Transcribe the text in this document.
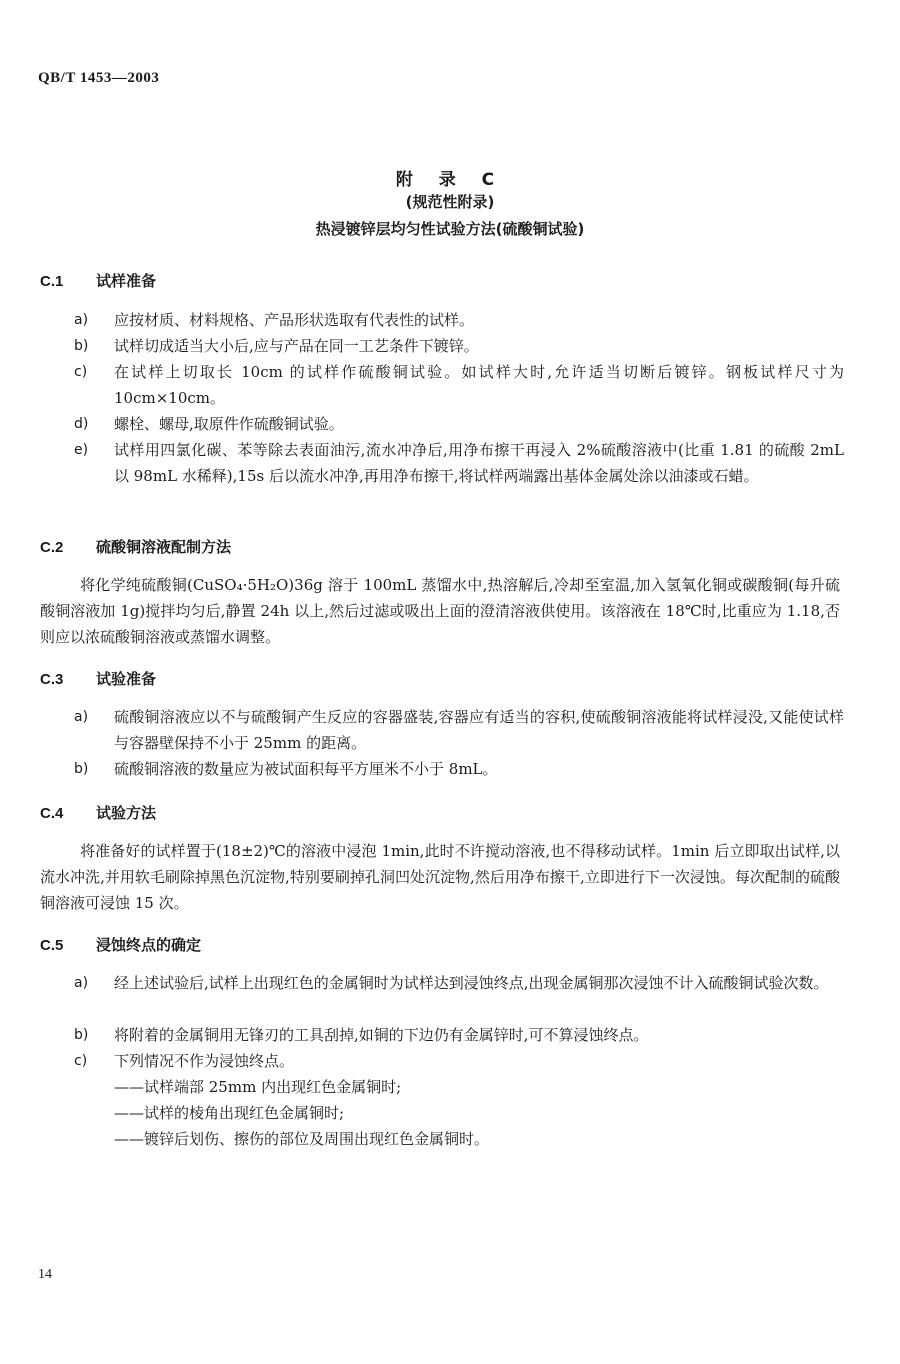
QB/T 1453—2003
附 录 C
(规范性附录)
热浸镀锌层均匀性试验方法(硫酸铜试验)
C.1 试样准备
a) 应按材质、材料规格、产品形状选取有代表性的试样。
b) 试样切成适当大小后,应与产品在同一工艺条件下镀锌。
c) 在试样上切取长 10cm 的试样作硫酸铜试验。如试样大时,允许适当切断后镀锌。钢板试样尺寸为 10cm×10cm。
d) 螺栓、螺母,取原件作硫酸铜试验。
e) 试样用四氯化碳、苯等除去表面油污,流水冲净后,用净布擦干再浸入 2%硫酸溶液中(比重 1.81 的硫酸 2mL 以 98mL 水稀释),15s 后以流水冲净,再用净布擦干,将试样两端露出基体金属处涂以油漆或石蜡。
C.2 硫酸铜溶液配制方法
将化学纯硫酸铜(CuSO₄·5H₂O)36g 溶于 100mL 蒸馏水中,热溶解后,冷却至室温,加入氢氧化铜或碳酸铜(每升硫酸铜溶液加 1g)搅拌均匀后,静置 24h 以上,然后过滤或吸出上面的澄清溶液供使用。该溶液在 18℃时,比重应为 1.18,否则应以浓硫酸铜溶液或蒸馏水调整。
C.3 试验准备
a) 硫酸铜溶液应以不与硫酸铜产生反应的容器盛装,容器应有适当的容积,使硫酸铜溶液能将试样浸没,又能使试样与容器壁保持不小于 25mm 的距离。
b) 硫酸铜溶液的数量应为被试面积每平方厘米不小于 8mL。
C.4 试验方法
将准备好的试样置于(18±2)℃的溶液中浸泡 1min,此时不许搅动溶液,也不得移动试样。1min 后立即取出试样,以流水冲洗,并用软毛刷除掉黑色沉淀物,特别要刷掉孔洞凹处沉淀物,然后用净布擦干,立即进行下一次浸蚀。每次配制的硫酸铜溶液可浸蚀 15 次。
C.5 浸蚀终点的确定
a) 经上述试验后,试样上出现红色的金属铜时为试样达到浸蚀终点,出现金属铜那次浸蚀不计入硫酸铜试验次数。
b) 将附着的金属铜用无锋刃的工具刮掉,如铜的下边仍有金属锌时,可不算浸蚀终点。
c) 下列情况不作为浸蚀终点。
——试样端部 25mm 内出现红色金属铜时;
——试样的棱角出现红色金属铜时;
——镀锌后划伤、擦伤的部位及周围出现红色金属铜时。
14
